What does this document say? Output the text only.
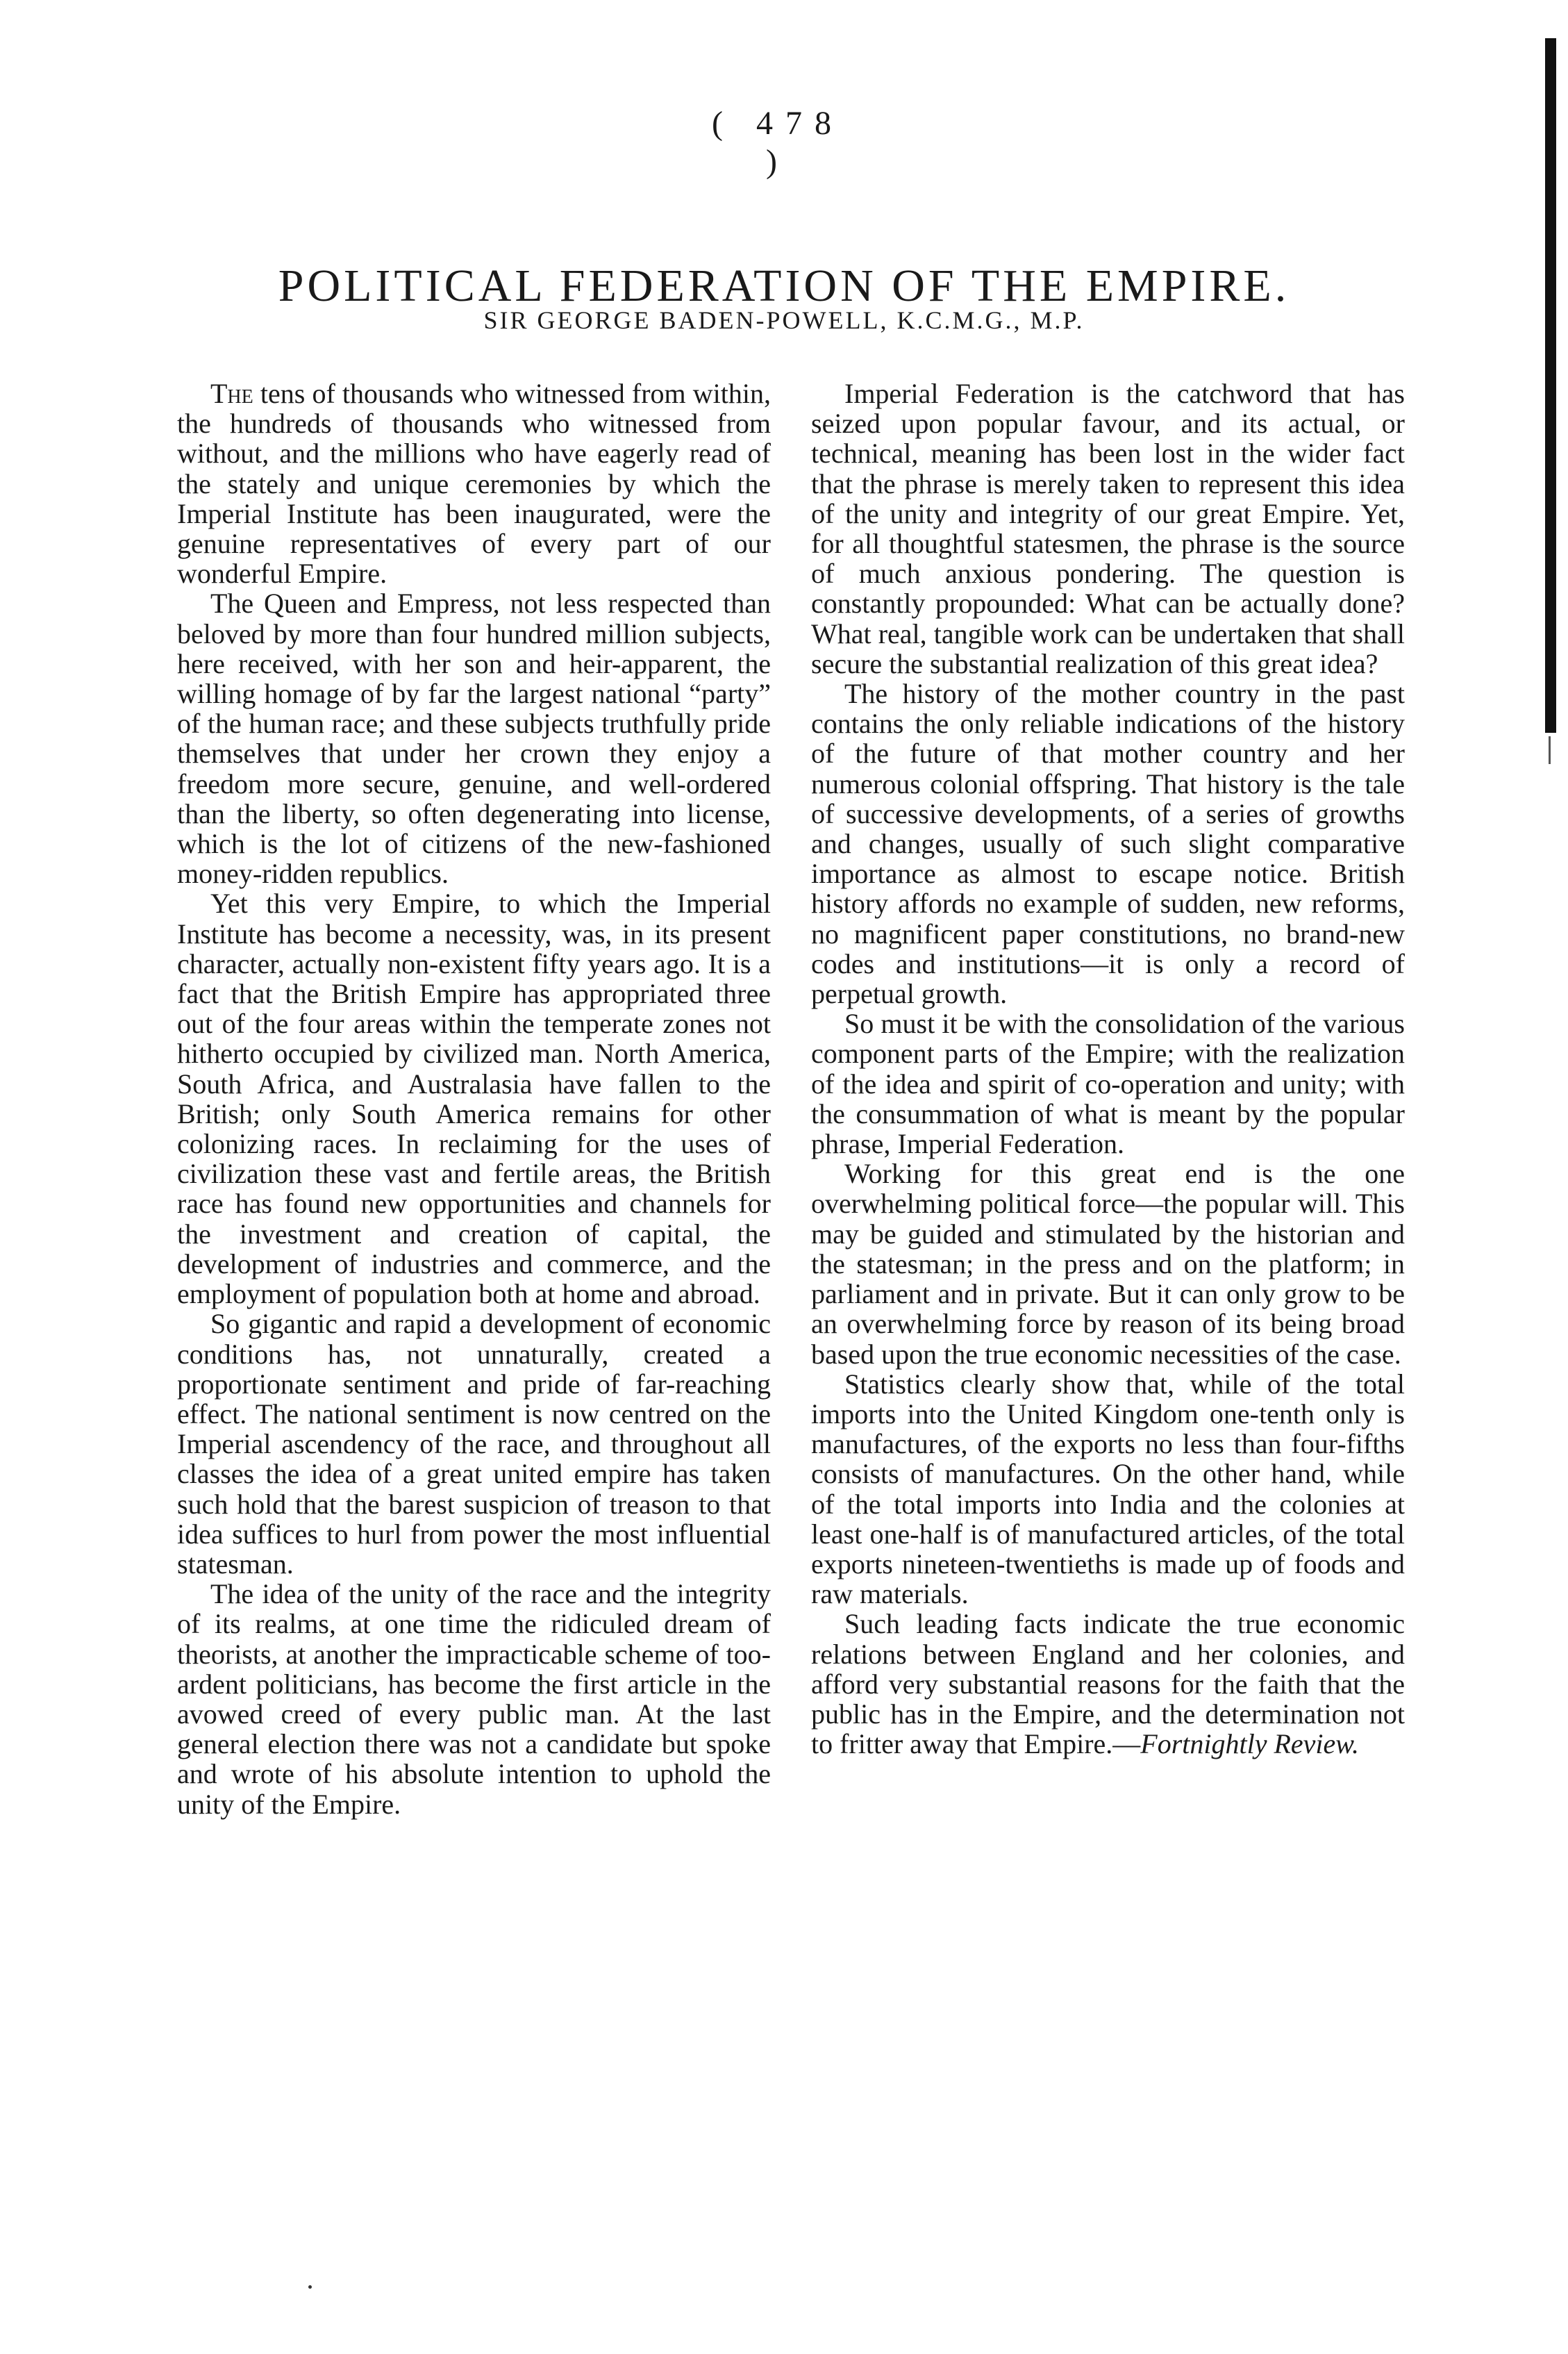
( 478 )
POLITICAL FEDERATION OF THE EMPIRE.
SIR GEORGE BADEN-POWELL, K.C.M.G., M.P.

The tens of thousands who witnessed from within, the hundreds of thousands who witnessed from without, and the millions who have eagerly read of the stately and unique ceremonies by which the Imperial Institute has been inaugurated, were the genuine representatives of every part of our wonderful Empire.

The Queen and Empress, not less respected than beloved by more than four hundred million subjects, here received, with her son and heir-apparent, the willing homage of by far the largest national “party” of the human race; and these subjects truthfully pride themselves that under her crown they enjoy a freedom more secure, genuine, and well-ordered than the liberty, so often degenerating into license, which is the lot of citizens of the new-fashioned money-ridden republics.

Yet this very Empire, to which the Imperial Institute has become a necessity, was, in its present character, actually non-existent fifty years ago. It is a fact that the British Empire has appropriated three out of the four areas within the temperate zones not hitherto occupied by civilized man. North America, South Africa, and Australasia have fallen to the British; only South America remains for other colonizing races. In reclaiming for the uses of civilization these vast and fertile areas, the British race has found new opportunities and channels for the investment and creation of capital, the development of industries and commerce, and the employment of population both at home and abroad.

So gigantic and rapid a development of economic conditions has, not unnaturally, created a proportionate sentiment and pride of far-reaching effect. The national sentiment is now centred on the Imperial ascendency of the race, and throughout all classes the idea of a great united empire has taken such hold that the barest suspicion of treason to that idea suffices to hurl from power the most influential statesman.

The idea of the unity of the race and the integrity of its realms, at one time the ridiculed dream of theorists, at another the impracticable scheme of too-ardent politicians, has become the first article in the avowed creed of every public man. At the last general election there was not a candidate but spoke and wrote of his absolute intention to uphold the unity of the Empire.

Imperial Federation is the catchword that has seized upon popular favour, and its actual, or technical, meaning has been lost in the wider fact that the phrase is merely taken to represent this idea of the unity and integrity of our great Empire. Yet, for all thoughtful statesmen, the phrase is the source of much anxious pondering. The question is constantly propounded: What can be actually done? What real, tangible work can be undertaken that shall secure the substantial realization of this great idea?

The history of the mother country in the past contains the only reliable indications of the history of the future of that mother country and her numerous colonial offspring. That history is the tale of successive developments, of a series of growths and changes, usually of such slight comparative importance as almost to escape notice. British history affords no example of sudden, new reforms, no magnificent paper constitutions, no brand-new codes and institutions—it is only a record of perpetual growth.

So must it be with the consolidation of the various component parts of the Empire; with the realization of the idea and spirit of co-operation and unity; with the consummation of what is meant by the popular phrase, Imperial Federation.

Working for this great end is the one overwhelming political force—the popular will. This may be guided and stimulated by the historian and the statesman; in the press and on the platform; in parliament and in private. But it can only grow to be an overwhelming force by reason of its being broad based upon the true economic necessities of the case.

Statistics clearly show that, while of the total imports into the United Kingdom one-tenth only is manufactures, of the exports no less than four-fifths consists of manufactures. On the other hand, while of the total imports into India and the colonies at least one-half is of manufactured articles, of the total exports nineteen-twentieths is made up of foods and raw materials.

Such leading facts indicate the true economic relations between England and her colonies, and afford very substantial reasons for the faith that the public has in the Empire, and the determination not to fritter away that Empire.—Fortnightly Review.
